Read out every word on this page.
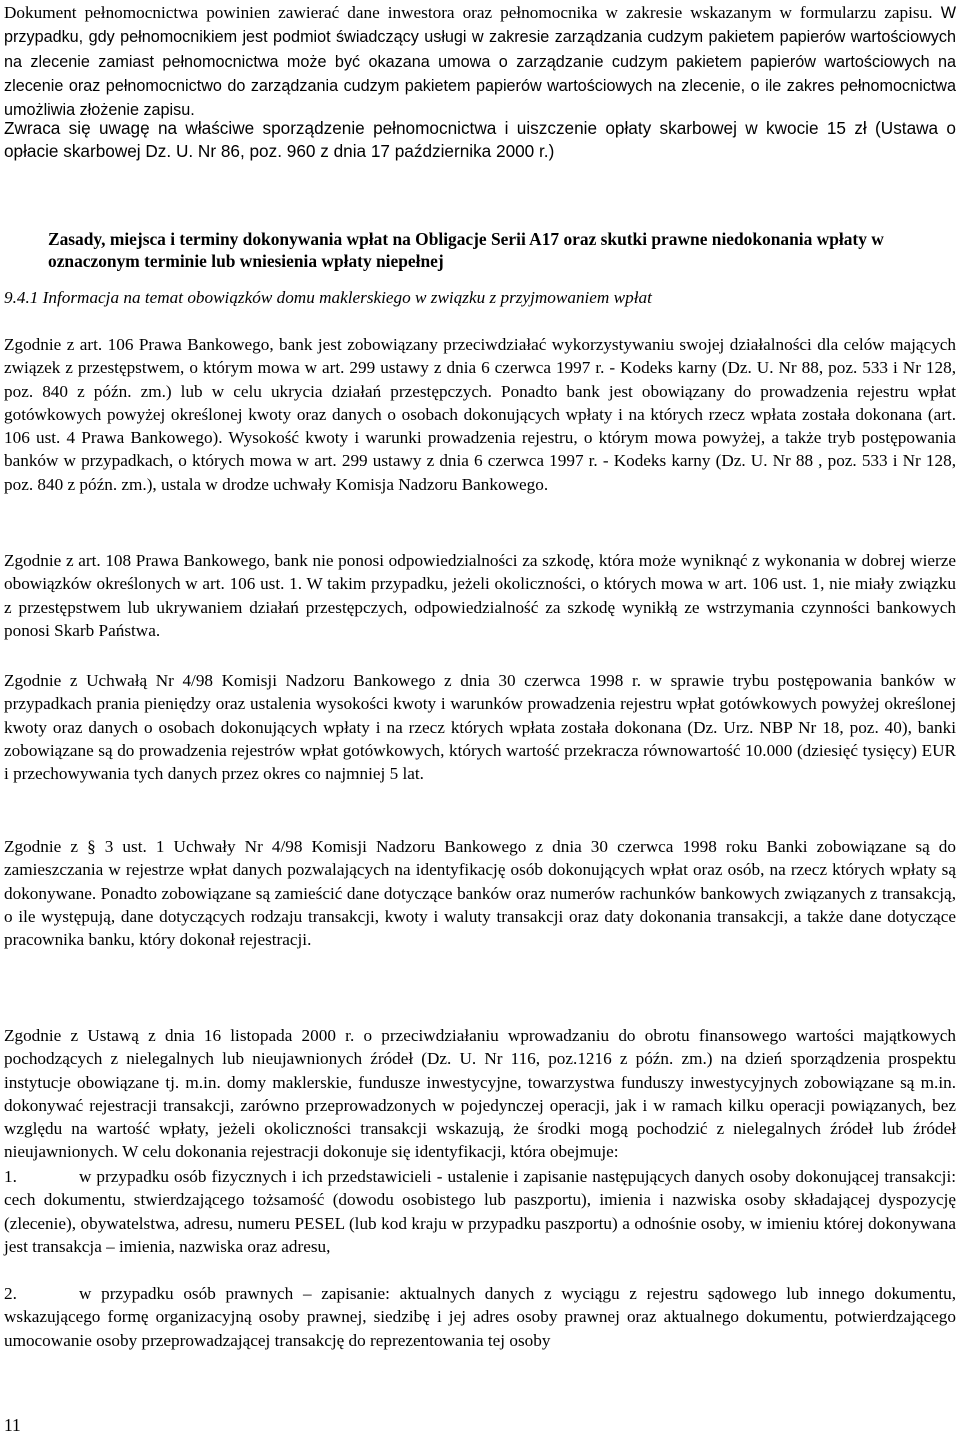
Dokument pełnomocnictwa powinien zawierać dane inwestora oraz pełnomocnika w zakresie wskazanym w formularzu zapisu. W przypadku, gdy pełnomocnikiem jest podmiot świadczący usługi w zakresie zarządzania cudzym pakietem papierów wartościowych na zlecenie zamiast pełnomocnictwa może być okazana umowa o zarządzanie cudzym pakietem papierów wartościowych na zlecenie oraz pełnomocnictwo do zarządzania cudzym pakietem papierów wartościowych na zlecenie, o ile zakres pełnomocnictwa umożliwia złożenie zapisu.

Zwraca się uwagę na właściwe sporządzenie pełnomocnictwa i uiszczenie opłaty skarbowej w kwocie 15 zł (Ustawa o opłacie skarbowej Dz. U. Nr 86, poz. 960 z dnia 17 października 2000 r.)

Zasady, miejsca i terminy dokonywania wpłat na Obligacje Serii A17 oraz skutki prawne niedokonania wpłaty w oznaczonym terminie lub wniesienia wpłaty niepełnej
9.4.1 Informacja na temat obowiązków domu maklerskiego w związku z przyjmowaniem wpłat

Zgodnie z art. 106 Prawa Bankowego, bank jest zobowiązany przeciwdziałać wykorzystywaniu swojej działalności dla celów mających związek z przestępstwem, o którym mowa w art. 299 ustawy z dnia 6 czerwca 1997 r. - Kodeks karny (Dz. U. Nr 88, poz. 533 i Nr 128, poz. 840 z późn. zm.) lub w celu ukrycia działań przestępczych. Ponadto bank jest obowiązany do prowadzenia rejestru wpłat gotówkowych powyżej określonej kwoty oraz danych o osobach dokonujących wpłaty i na których rzecz wpłata została dokonana (art. 106 ust. 4 Prawa Bankowego). Wysokość kwoty i warunki prowadzenia rejestru, o którym mowa powyżej, a także tryb postępowania banków w przypadkach, o których mowa w art. 299 ustawy z dnia 6 czerwca 1997 r. - Kodeks karny (Dz. U. Nr 88 , poz. 533 i Nr 128, poz. 840 z późn. zm.), ustala w drodze uchwały Komisja Nadzoru Bankowego.

Zgodnie z art. 108 Prawa Bankowego, bank nie ponosi odpowiedzialności za szkodę, która może wyniknąć z wykonania w dobrej wierze obowiązków określonych w art. 106 ust. 1. W takim przypadku, jeżeli okoliczności, o których mowa w art. 106 ust. 1, nie miały związku z przestępstwem lub ukrywaniem działań przestępczych, odpowiedzialność za szkodę wynikłą ze wstrzymania czynności bankowych ponosi Skarb Państwa.

Zgodnie z Uchwałą Nr 4/98 Komisji Nadzoru Bankowego z dnia 30 czerwca 1998 r. w sprawie trybu postępowania banków w przypadkach prania pieniędzy oraz ustalenia wysokości kwoty i warunków prowadzenia rejestru wpłat gotówkowych powyżej określonej kwoty oraz danych o osobach dokonujących wpłaty i na rzecz których wpłata została dokonana (Dz. Urz. NBP Nr 18, poz. 40), banki zobowiązane są do prowadzenia rejestrów wpłat gotówkowych, których wartość przekracza równowartość 10.000 (dziesięć tysięcy) EUR i przechowywania tych danych przez okres co najmniej 5 lat.

Zgodnie z § 3 ust. 1 Uchwały Nr 4/98 Komisji Nadzoru Bankowego z dnia 30 czerwca 1998 roku Banki zobowiązane są do zamieszczania w rejestrze wpłat danych pozwalających na identyfikację osób dokonujących wpłat oraz osób, na rzecz których wpłaty są dokonywane. Ponadto zobowiązane są zamieścić dane dotyczące banków oraz numerów rachunków bankowych związanych z transakcją, o ile występują, dane dotyczących rodzaju transakcji, kwoty i waluty transakcji oraz daty dokonania transakcji, a także dane dotyczące pracownika banku, który dokonał rejestracji.

Zgodnie z Ustawą z dnia 16 listopada 2000 r. o przeciwdziałaniu wprowadzaniu do obrotu finansowego wartości majątkowych pochodzących z nielegalnych lub nieujawnionych źródeł (Dz. U. Nr 116, poz.1216 z późn. zm.) na dzień sporządzenia prospektu instytucje obowiązane tj. m.in. domy maklerskie, fundusze inwestycyjne, towarzystwa funduszy inwestycyjnych zobowiązane są m.in. dokonywać rejestracji transakcji, zarówno przeprowadzonych w pojedynczej operacji, jak i w ramach kilku operacji powiązanych, bez względu na wartość wpłaty, jeżeli okoliczności transakcji wskazują, że środki mogą pochodzić z nielegalnych źródeł lub źródeł nieujawnionych. W celu dokonania rejestracji dokonuje się identyfikacji, która obejmuje:

1.	w przypadku osób fizycznych i ich przedstawicieli - ustalenie i zapisanie następujących danych osoby dokonującej transakcji: cech dokumentu, stwierdzającego tożsamość (dowodu osobistego lub paszportu), imienia i nazwiska osoby składającej dyspozycję (zlecenie), obywatelstwa, adresu, numeru PESEL (lub kod kraju w przypadku paszportu) a odnośnie osoby, w imieniu której dokonywana jest transakcja – imienia, nazwiska oraz adresu,

2.	w przypadku osób prawnych – zapisanie: aktualnych danych z wyciągu z rejestru sądowego lub innego dokumentu, wskazującego formę organizacyjną osoby prawnej, siedzibę i jej adres osoby prawnej oraz aktualnego dokumentu, potwierdzającego umocowanie osoby przeprowadzającej transakcję do reprezentowania tej osoby

11
